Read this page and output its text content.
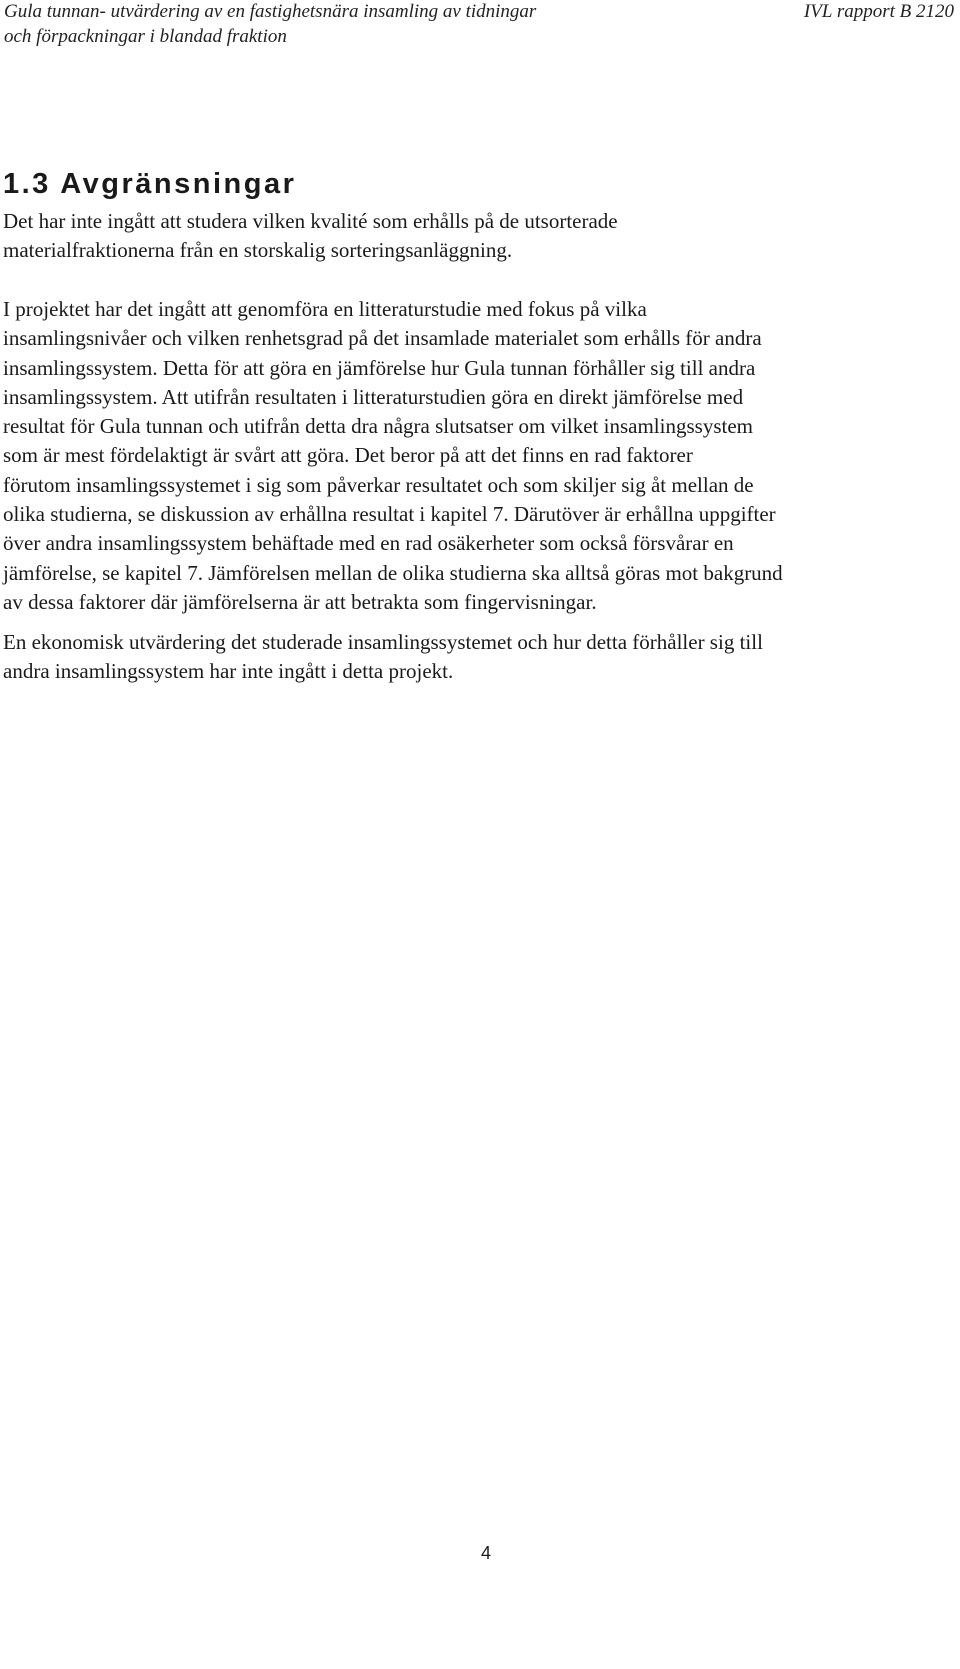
Gula tunnan- utvärdering av en fastighetsnära insamling av tidningar
och förpackningar i blandad fraktion
IVL rapport B 2120
1.3 Avgränsningar
Det har inte ingått att studera vilken kvalité som erhålls på de utsorterade
materialfraktionerna från en storskalig sorteringsanläggning.
I projektet har det ingått att genomföra en litteraturstudie med fokus på vilka
insamlingsnivåer och vilken renhetsgrad på det insamlade materialet som erhålls för andra
insamlingssystem. Detta för att göra en jämförelse hur Gula tunnan förhåller sig till andra
insamlingssystem. Att utifrån resultaten i litteraturstudien göra en direkt jämförelse med
resultat för Gula tunnan och utifrån detta dra några slutsatser om vilket insamlingssystem
som är mest fördelaktigt är svårt att göra. Det beror på att det finns en rad faktorer
förutom insamlingssystemet i sig som påverkar resultatet och som skiljer sig åt mellan de
olika studierna, se diskussion av erhållna resultat i kapitel 7. Därutöver är erhållna uppgifter
över andra insamlingssystem behäftade med en rad osäkerheter som också försvårar en
jämförelse, se kapitel 7. Jämförelsen mellan de olika studierna ska alltså göras mot bakgrund
av dessa faktorer där jämförelserna är att betrakta som fingervisningar.
En ekonomisk utvärdering det studerade insamlingssystemet och hur detta förhåller sig till
andra insamlingssystem har inte ingått i detta projekt.
4
